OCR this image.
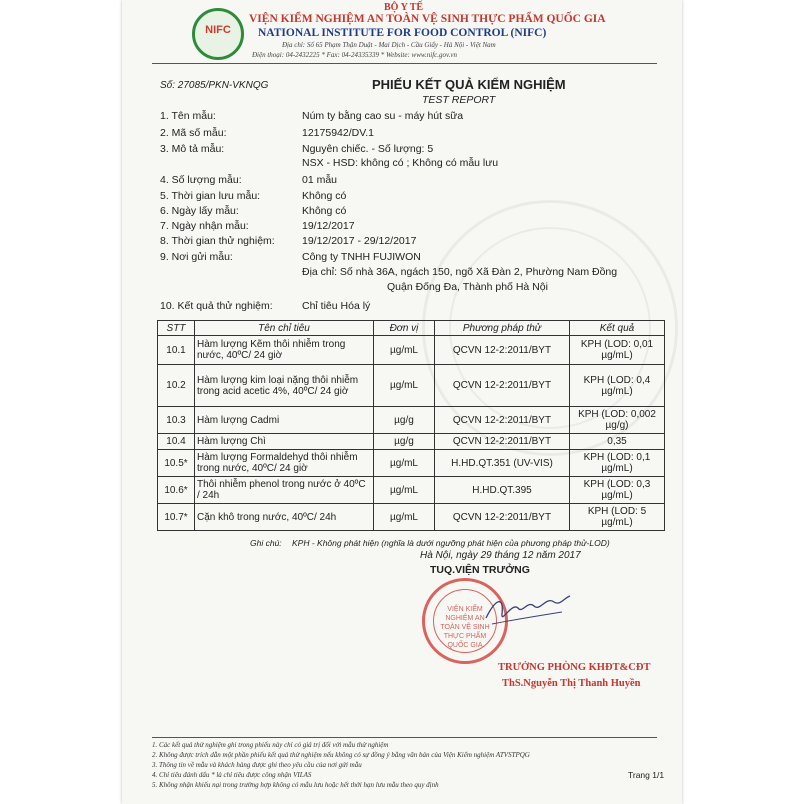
NIFC
BỘ Y TẾ
VIỆN KIỂM NGHIỆM AN TOÀN VỆ SINH THỰC PHẨM QUỐC GIA
NATIONAL INSTITUTE FOR FOOD CONTROL (NIFC)
Địa chỉ: Số 65 Phạm Thận Duật - Mai Dịch - Cầu Giấy - Hà Nội - Việt Nam
Điện thoại: 04-2432225 * Fax: 04-24335339 * Website: www.nifc.gov.vn
Số: 27085/PKN-VKNQG	PHIẾU KẾT QUẢ KIỂM NGHIỆM
TEST REPORT
1. Tên mẫu:	Núm ty bằng cao su - máy hút sữa
2. Mã số mẫu:	12175942/DV.1
3. Mô tả mẫu:	Nguyên chiếc. - Số lượng: 5
NSX - HSD: không có ; Không có mẫu lưu
4. Số lượng mẫu:	01 mẫu
5. Thời gian lưu mẫu:	Không có
6. Ngày lấy mẫu:	Không có
7. Ngày nhận mẫu:	19/12/2017
8. Thời gian thử nghiệm:	19/12/2017 - 29/12/2017
9. Nơi gửi mẫu:	Công ty TNHH FUJIWON
Địa chỉ: Số nhà 36A, ngách 150, ngõ Xã Đàn 2, Phường Nam Đồng
Quận Đống Đa, Thành phố Hà Nội
10. Kết quả thử nghiệm:	Chỉ tiêu Hóa lý
STT	Tên chỉ tiêu	Đơn vị	Phương pháp thử	Kết quả
10.1	Hàm lượng Kẽm thôi nhiễm trong nước, 40ºC/ 24 giờ	µg/mL	QCVN 12-2:2011/BYT	KPH (LOD: 0,01 µg/mL)
10.2	Hàm lượng kim loại nặng thôi nhiễm trong acid acetic 4%, 40ºC/ 24 giờ	µg/mL	QCVN 12-2:2011/BYT	KPH (LOD: 0,4 µg/mL)
10.3	Hàm lượng Cadmi	µg/g	QCVN 12-2:2011/BYT	KPH (LOD: 0,002 µg/g)
10.4	Hàm lượng Chì	µg/g	QCVN 12-2:2011/BYT	0,35
10.5*	Hàm lượng Formaldehyd thôi nhiễm trong nước, 40ºC/ 24 giờ	µg/mL	H.HD.QT.351 (UV-VIS)	KPH (LOD: 0,1 µg/mL)
10.6*	Thôi nhiễm phenol trong nước ở 40ºC / 24h	µg/mL	H.HD.QT.395	KPH (LOD: 0,3 µg/mL)
10.7*	Cặn khô trong nước, 40ºC/ 24h	µg/mL	QCVN 12-2:2011/BYT	KPH (LOD: 5 µg/mL)
Ghi chú: KPH - Không phát hiện (nghĩa là dưới ngưỡng phát hiện của phương pháp thử-LOD)
Hà Nội, ngày 29 tháng 12 năm 2017
TUQ.VIỆN TRƯỞNG
VIỆN KIỂM NGHIỆM AN TOÀN VỆ SINH THỰC PHẨM QUỐC GIA
TRƯỞNG PHÒNG KHĐT&CĐT
ThS.Nguyễn Thị Thanh Huyền
1. Các kết quả thử nghiệm ghi trong phiếu này chỉ có giá trị đối với mẫu thử nghiệm
2. Không được trích dẫn một phần phiếu kết quả thử nghiệm nếu không có sự đồng ý bằng văn bản của Viện Kiểm nghiệm ATVSTPQG
3. Thông tin về mẫu và khách hàng được ghi theo yêu cầu của nơi gửi mẫu
4. Chỉ tiêu đánh dấu * là chỉ tiêu được công nhận VILAS
5. Không nhận khiếu nại trong trường hợp không có mẫu lưu hoặc hết thời hạn lưu mẫu theo quy định
Trang 1/1
